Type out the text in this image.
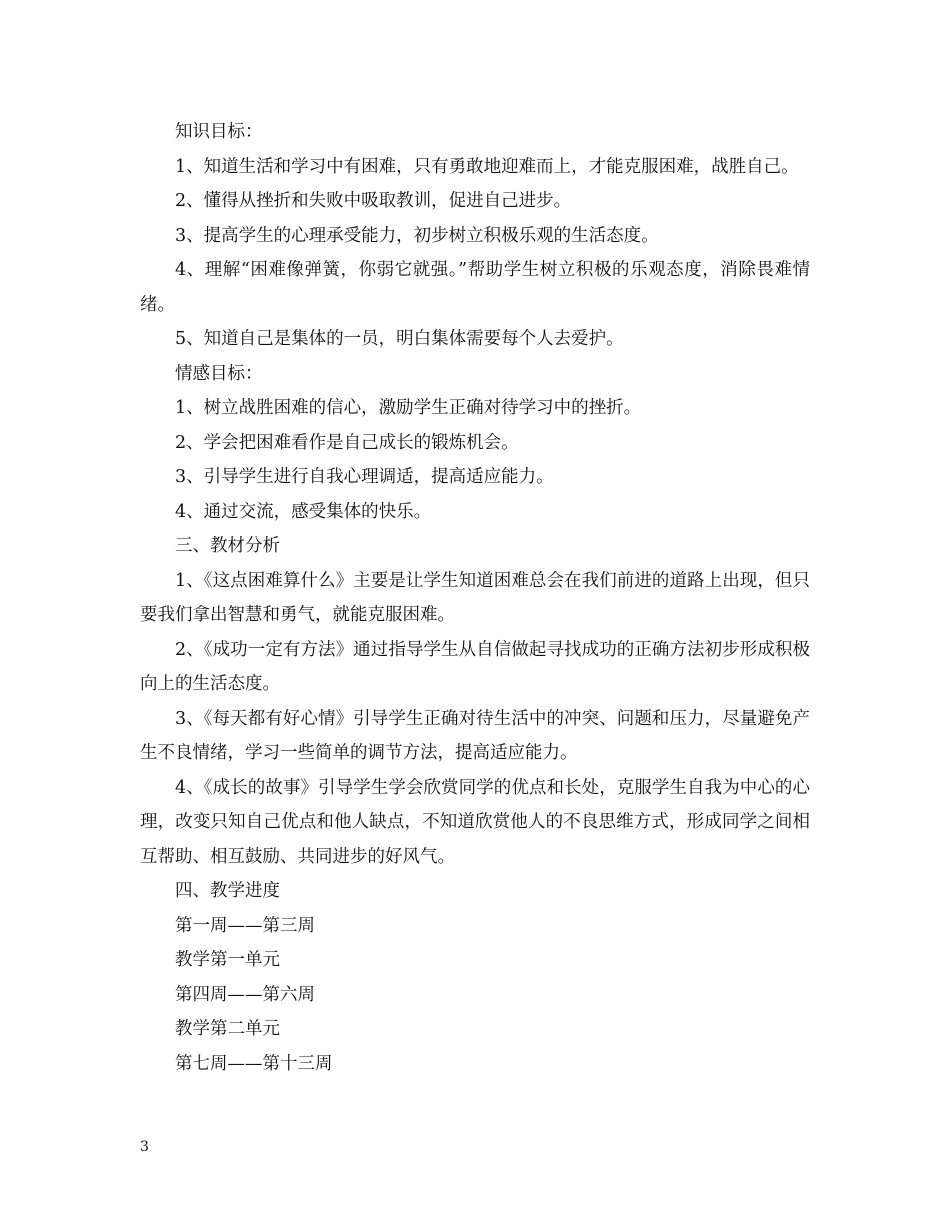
知识目标：

1、知道生活和学习中有困难，只有勇敢地迎难而上，才能克服困难，战胜自己。

2、懂得从挫折和失败中吸取教训，促进自己进步。

3、提高学生的心理承受能力，初步树立积极乐观的生活态度。

4、理解“困难像弹簧，你弱它就强。”帮助学生树立积极的乐观态度，消除畏难情绪。

5、知道自己是集体的一员，明白集体需要每个人去爱护。

情感目标：

1、树立战胜困难的信心，激励学生正确对待学习中的挫折。

2、学会把困难看作是自己成长的锻炼机会。

3、引导学生进行自我心理调适，提高适应能力。

4、通过交流，感受集体的快乐。

三、教材分析

1、《这点困难算什么》主要是让学生知道困难总会在我们前进的道路上出现，但只要我们拿出智慧和勇气，就能克服困难。

2、《成功一定有方法》通过指导学生从自信做起寻找成功的正确方法初步形成积极向上的生活态度。

3、《每天都有好心情》引导学生正确对待生活中的冲突、问题和压力，尽量避免产生不良情绪，学习一些简单的调节方法，提高适应能力。

4、《成长的故事》引导学生学会欣赏同学的优点和长处，克服学生自我为中心的心理，改变只知自己优点和他人缺点，不知道欣赏他人的不良思维方式，形成同学之间相互帮助、相互鼓励、共同进步的好风气。

四、教学进度

第一周——第三周

教学第一单元

第四周——第六周

教学第二单元

第七周——第十三周

3
